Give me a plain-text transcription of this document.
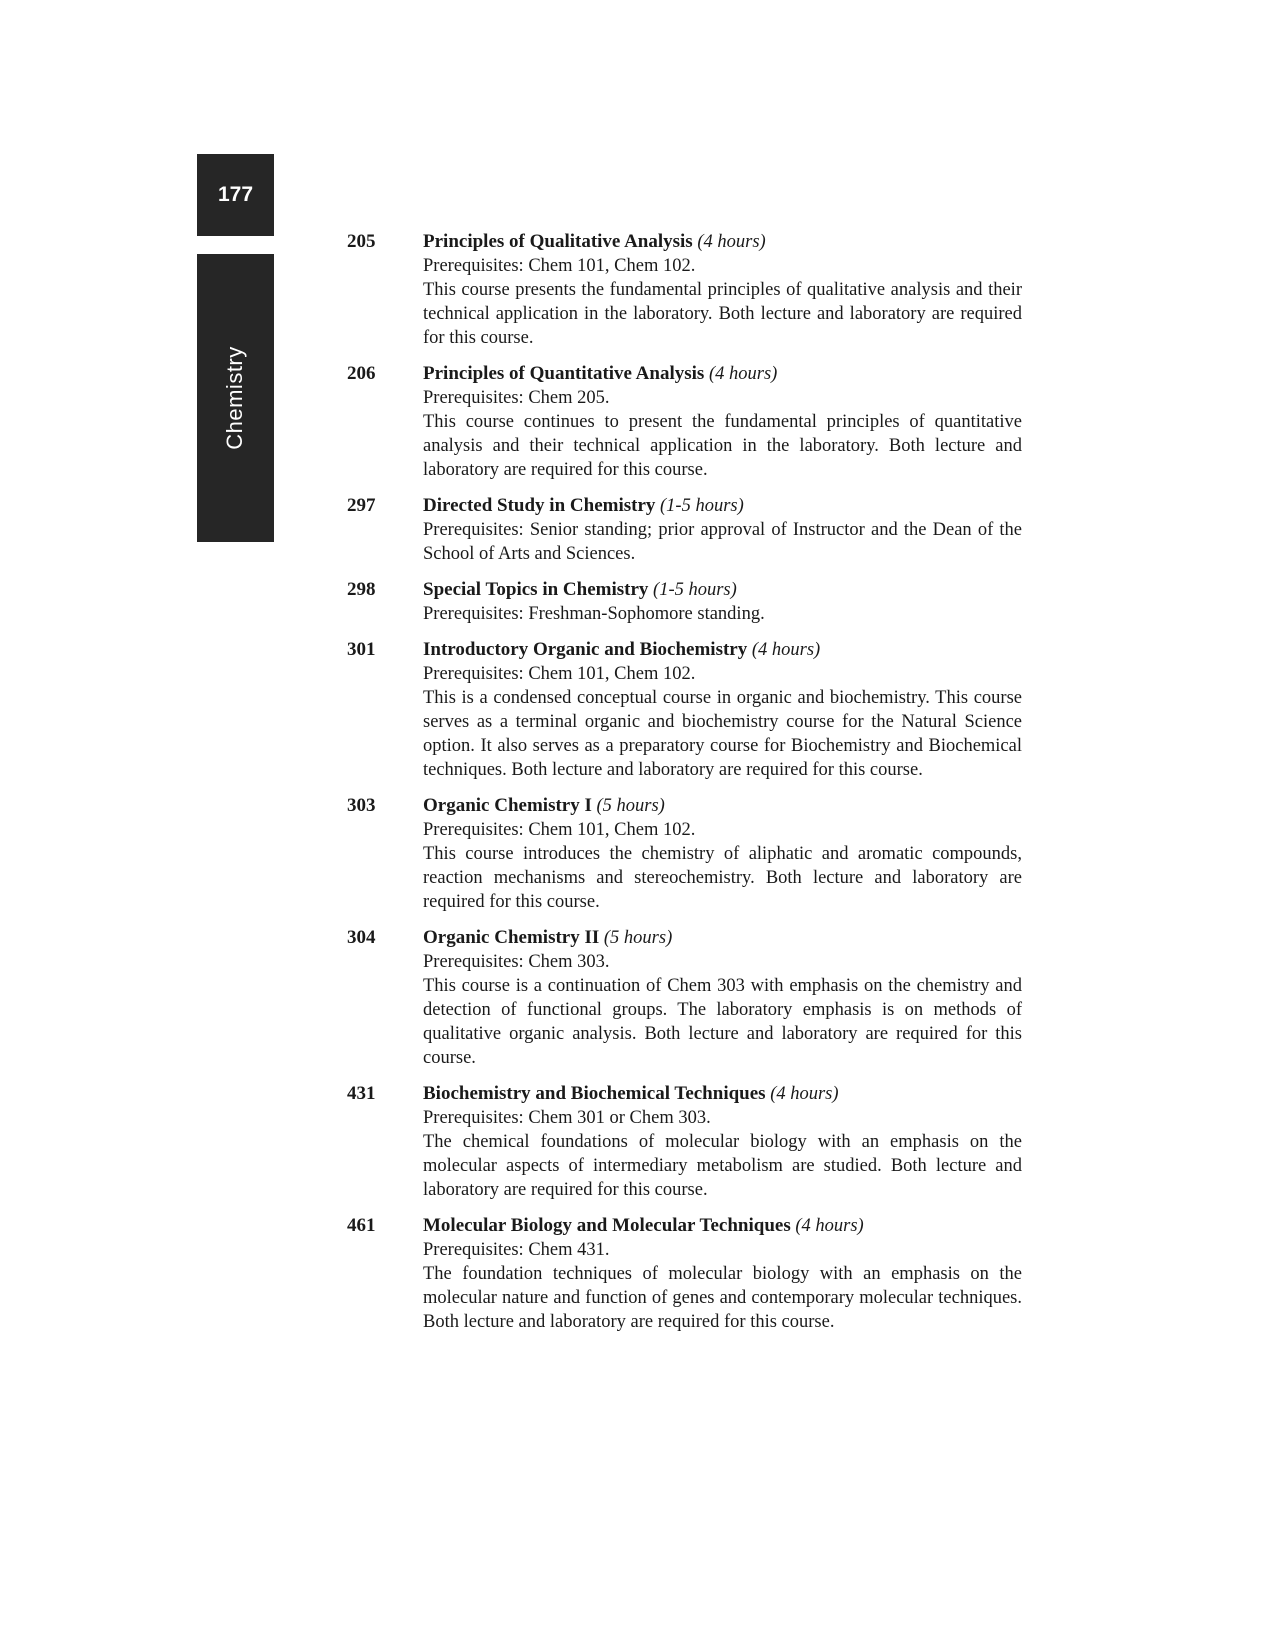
177
Chemistry
205	Principles of Qualitative Analysis (4 hours)

Prerequisites: Chem 101, Chem 102.

This course presents the fundamental principles of qualitative analysis and their technical application in the laboratory. Both lecture and laboratory are required for this course.

206	Principles of Quantitative Analysis (4 hours)

Prerequisites: Chem 205.

This course continues to present the fundamental principles of quantitative analysis and their technical application in the laboratory. Both lecture and laboratory are required for this course.

297	Directed Study in Chemistry (1-5 hours)

Prerequisites: Senior standing; prior approval of Instructor and the Dean of the School of Arts and Sciences.

298	Special Topics in Chemistry (1-5 hours)

Prerequisites: Freshman-Sophomore standing.

301	Introductory Organic and Biochemistry (4 hours)

Prerequisites: Chem 101, Chem 102.

This is a condensed conceptual course in organic and biochemistry. This course serves as a terminal organic and biochemistry course for the Natural Science option. It also serves as a preparatory course for Biochemistry and Biochemical techniques. Both lecture and laboratory are required for this course.

303	Organic Chemistry I (5 hours)

Prerequisites: Chem 101, Chem 102.

This course introduces the chemistry of aliphatic and aromatic compounds, reaction mechanisms and stereochemistry. Both lecture and laboratory are required for this course.

304	Organic Chemistry II (5 hours)

Prerequisites: Chem 303.

This course is a continuation of Chem 303 with emphasis on the chemistry and detection of functional groups. The laboratory emphasis is on methods of qualitative organic analysis. Both lecture and laboratory are required for this course.

431	Biochemistry and Biochemical Techniques (4 hours)

Prerequisites: Chem 301 or Chem 303.

The chemical foundations of molecular biology with an emphasis on the molecular aspects of intermediary metabolism are studied. Both lecture and laboratory are required for this course.

461	Molecular Biology and Molecular Techniques (4 hours)

Prerequisites: Chem 431.

The foundation techniques of molecular biology with an emphasis on the molecular nature and function of genes and contemporary molecular techniques. Both lecture and laboratory are required for this course.
